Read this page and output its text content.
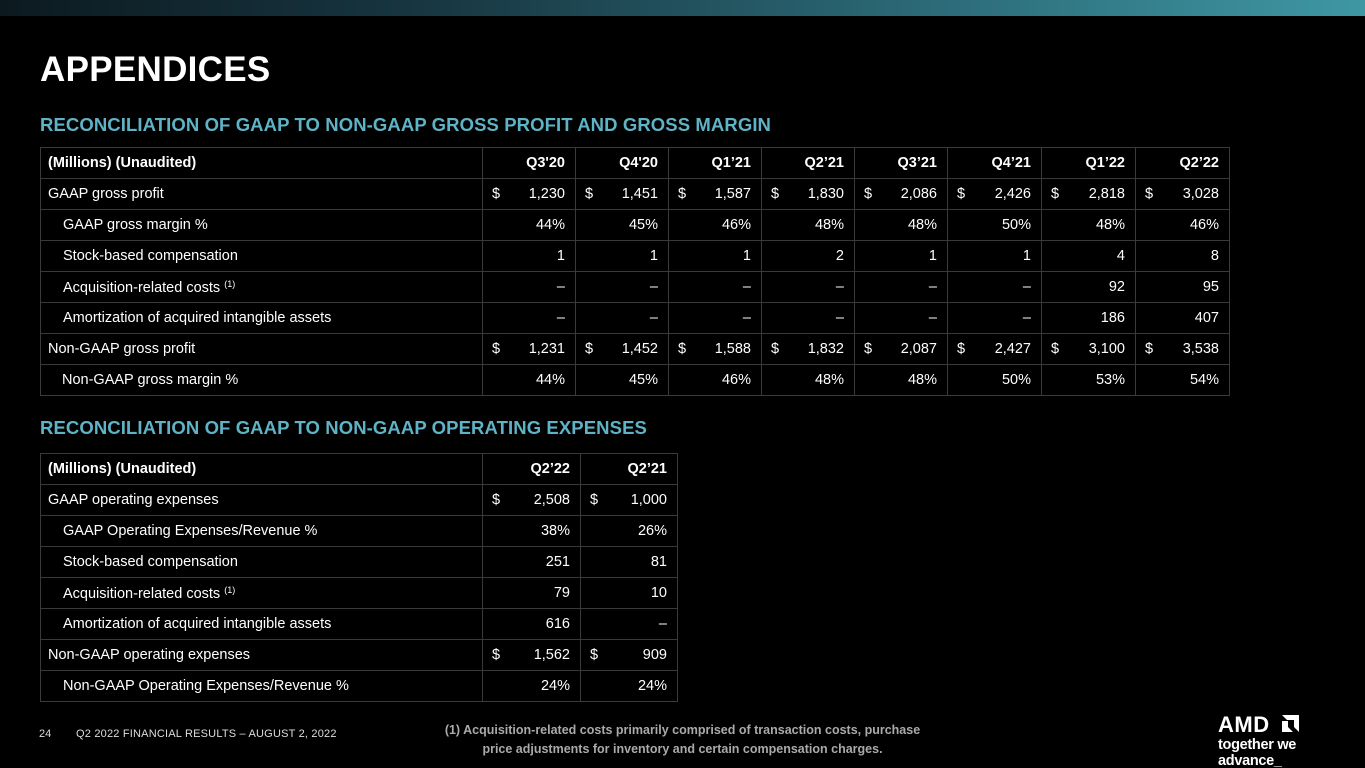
APPENDICES
RECONCILIATION OF GAAP TO NON-GAAP GROSS PROFIT AND GROSS MARGIN
(Millions) (Unaudited)	Q3'20	Q4'20	Q1’21	Q2’21	Q3’21	Q4’21	Q1’22	Q2’22
GAAP gross profit	$ 1,230	$ 1,451	$ 1,587	$ 1,830	$ 2,086	$ 2,426	$ 2,818	$ 3,028

GAAP gross margin %	44%	45%	46%	48%	48%	50%	48%	46%
Stock-based compensation	1	1	1	2	1	1	4	8
Acquisition-related costs $^{(1)}$	–	–	–	–	–	–	92	95
Amortization of acquired intangible assets	–	–	–	–	–	–	186	407
Non-GAAP gross profit	$ 1,231	$ 1,452	$ 1,588	$ 1,832	$ 2,087	$ 2,427	$ 3,100	$ 3,538

Non-GAAP gross margin %	44%	45%	46%	48%	48%	50%	53%	54%
RECONCILIATION OF GAAP TO NON-GAAP OPERATING EXPENSES
(Millions) (Unaudited)	Q2’22	Q2’21
GAAP operating expenses	$ 2,508	$ 1,000

GAAP Operating Expenses/Revenue %	38%	26%
Stock-based compensation	251	81
Acquisition-related costs $^{(1)}$	79	10
Amortization of acquired intangible assets	616	–
Non-GAAP operating expenses	$ 1,562	$ 909

Non-GAAP Operating Expenses/Revenue %	24%	24%
24 Q2 2022 FINANCIAL RESULTS – AUGUST 2, 2022	(1) Acquisition-related costs primarily comprised of transaction costs, purchase
price adjustments for inventory and certain compensation charges.
AMD
together we advance_
